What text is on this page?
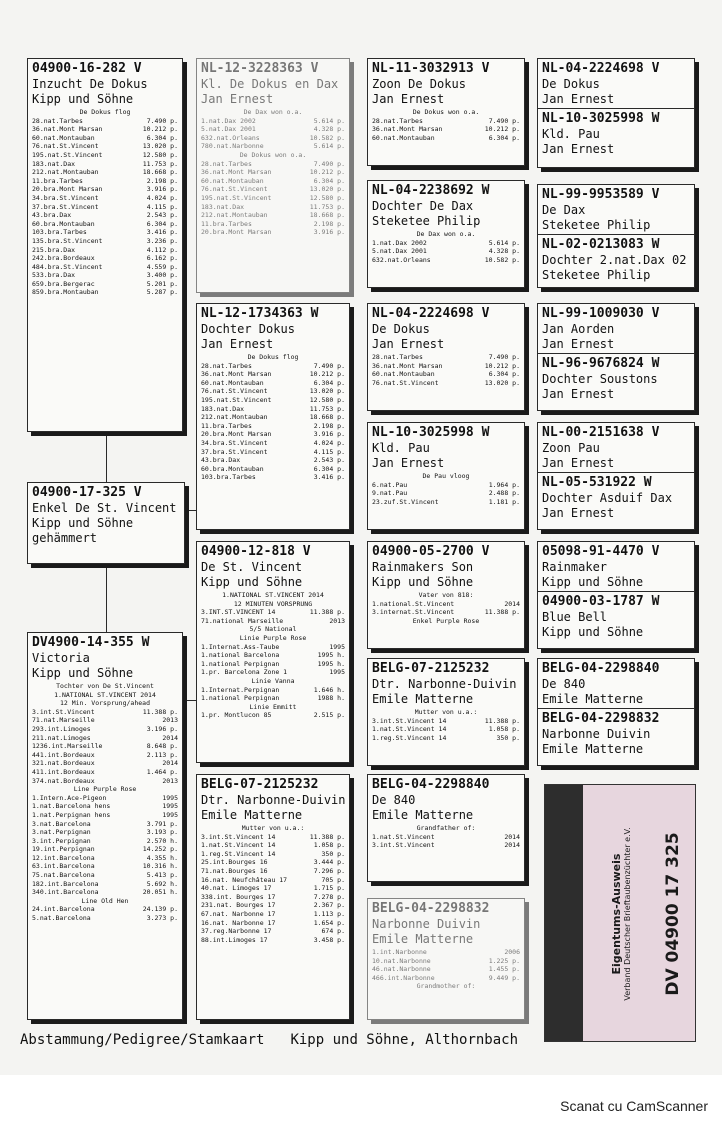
04900-16-282 V
Inzucht De Dokus
Kipp und Söhne
De Dokus flog
28.nat.Tarbes	7.490 p.
36.nat.Mont Marsan	10.212 p.
60.nat.Montauban	6.304 p.
76.nat.St.Vincent	13.020 p.
195.nat.St.Vincent	12.580 p.
183.nat.Dax	11.753 p.
212.nat.Montauban	18.668 p.
11.bra.Tarbes	2.198 p.
20.bra.Mont Marsan	3.916 p.
34.bra.St.Vincent	4.024 p.
37.bra.St.Vincent	4.115 p.
43.bra.Dax	2.543 p.
60.bra.Montauban	6.304 p.
103.bra.Tarbes	3.416 p.
135.bra.St.Vincent	3.236 p.
215.bra.Dax	4.112 p.
242.bra.Bordeaux	6.162 p.
484.bra.St.Vincent	4.559 p.
533.bra.Dax	3.400 p.
659.bra.Bergerac	5.201 p.
859.bra.Montauban	5.287 p.
NL-12-3228363 V
Kl. De Dokus en Dax
Jan Ernest
De Dax won o.a.
1.nat.Dax 2002	5.614 p.
5.nat.Dax 2001	4.328 p.
632.nat.Orleans	10.582 p.
780.nat.Narbonne	5.614 p.
De Dokus won o.a.
28.nat.Tarbes	7.490 p.
36.nat.Mont Marsan	10.212 p.
60.nat.Montauban	6.304 p.
76.nat.St.Vincent	13.020 p.
195.nat.St.Vincent	12.580 p.
183.nat.Dax	11.753 p.
212.nat.Montauban	18.668 p.
11.bra.Tarbes	2.198 p.
20.bra.Mont Marsan	3.916 p.
NL-11-3032913 V
Zoon De Dokus
Jan Ernest
De Dokus won o.a.
28.nat.Tarbes	7.490 p.
36.nat.Mont Marsan	10.212 p.
60.nat.Montauban	6.304 p.
NL-04-2224698 V
De Dokus
Jan Ernest
NL-10-3025998 W
Kld. Pau
Jan Ernest
NL-04-2238692 W
Dochter De Dax
Steketee Philip
De Dax won o.a.
1.nat.Dax 2002	5.614 p.
5.nat.Dax 2001	4.328 p.
632.nat.Orleans	10.582 p.
NL-99-9953589 V
De Dax
Steketee Philip
NL-02-0213083 W
Dochter 2.nat.Dax 02
Steketee Philip
NL-12-1734363 W
Dochter Dokus
Jan Ernest
De Dokus flog
28.nat.Tarbes	7.490 p.
36.nat.Mont Marsan	10.212 p.
60.nat.Montauban	6.304 p.
76.nat.St.Vincent	13.020 p.
195.nat.St.Vincent	12.580 p.
183.nat.Dax	11.753 p.
212.nat.Montauban	18.668 p.
11.bra.Tarbes	2.198 p.
20.bra.Mont Marsan	3.916 p.
34.bra.St.Vincent	4.024 p.
37.bra.St.Vincent	4.115 p.
43.bra.Dax	2.543 p.
60.bra.Montauban	6.304 p.
103.bra.Tarbes	3.416 p.
NL-04-2224698 V
De Dokus
Jan Ernest
28.nat.Tarbes	7.490 p.
36.nat.Mont Marsan	10.212 p.
60.nat.Montauban	6.304 p.
76.nat.St.Vincent	13.020 p.
NL-99-1009030 V
Jan Aorden
Jan Ernest
NL-96-9676824 W
Dochter Soustons
Jan Ernest
NL-10-3025998 W
Kld. Pau
Jan Ernest
De Pau vloog
6.nat.Pau	1.964 p.
9.nat.Pau	2.488 p.
23.zuf.St.Vincent	1.181 p.
NL-00-2151638 V
Zoon Pau
Jan Ernest
NL-05-531922 W
Dochter Asduif Dax
Jan Ernest
04900-17-325 V
Enkel De St. Vincent
Kipp und Söhne
gehämmert
04900-12-818 V
De St. Vincent
Kipp und Söhne
1.NATIONAL ST.VINCENT 2014
12 MINUTEN VORSPRUNG
3.INT.ST.VINCENT 14	11.388 p.
71.national Marseille	2013
5/5 National
Linie Purple Rose
1.Internat.Ass-Taube	1995
1.national Barcelona	1995 h.
1.national Perpignan	1995 h.
1.pr. Barcelona Zone 1	1995
Linie Vanna
1.Internat.Perpignan	1.646 h.
1.national Perpignan	1988 h.
Linie Emmitt
1.pr. Montlucon 85	2.515 p.
04900-05-2700 V
Rainmakers Son
Kipp und Söhne
Vater von 818:
1.national.St.Vincent	2014
3.internat.St.Vincent	11.388 p.
Enkel Purple Rose
05098-91-4470 V
Rainmaker
Kipp und Söhne
04900-03-1787 W
Blue Bell
Kipp und Söhne
DV4900-14-355 W
Victoria
Kipp und Söhne
Tochter von De St.Vincent
1.NATIONAL ST.VINCENT 2014
12 Min. Vorsprung/ahead
3.int.St.Vincent	11.388 p.
71.nat.Marseille	2013
293.int.Limoges	3.196 p.
211.nat.Limoges	2014
1236.int.Marseille	8.648 p.
441.int.Bordeaux	2.113 p.
321.nat.Bordeaux	2014
411.int.Bordeaux	1.464 p.
374.nat.Bordeaux	2013
Line Purple Rose
1.Intern.Ace-Pigeon	1995
1.nat.Barcelona hens	1995
1.nat.Perpignan hens	1995
3.nat.Barcelona	3.791 p.
3.nat.Perpignan	3.193 p.
3.int.Perpignan	2.570 h.
19.int.Perpignan	14.252 p.
12.int.Barcelona	4.355 h.
63.int.Barcelona	10.316 h.
75.nat.Barcelona	5.413 p.
182.int.Barcelona	5.692 h.
340.int.Barcelona	20.051 h.
Line Old Hen
24.int.Barcelona	24.139 p.
5.nat.Barcelona	3.273 p.
BELG-07-2125232
Dtr. Narbonne-Duivin
Emile Matterne
Mutter von u.a.:
3.int.St.Vincent 14	11.388 p.
1.nat.St.Vincent 14	1.058 p.
1.reg.St.Vincent 14	350 p.
BELG-04-2298840
De 840
Emile Matterne
BELG-04-2298832
Narbonne Duivin
Emile Matterne
BELG-07-2125232
Dtr. Narbonne-Duivin
Emile Matterne
Mutter von u.a.:
3.int.St.Vincent 14	11.388 p.
1.nat.St.Vincent 14	1.058 p.
1.reg.St.Vincent 14	350 p.
25.int.Bourges 16	3.444 p.
71.nat.Bourges 16	7.296 p.
16.nat. Neufchâteau 17	705 p.
40.nat. Limoges 17	1.715 p.
338.int. Bourges 17	7.278 p.
231.nat. Bourges 17	2.367 p.
67.nat. Narbonne 17	1.113 p.
16.nat. Narbonne 17	1.654 p.
37.reg.Narbonne 17	674 p.
88.int.Limoges 17	3.458 p.
BELG-04-2298840
De 840
Emile Matterne
Grandfather of:
1.nat.St.Vincent	2014
3.int.St.Vincent	2014
BELG-04-2298832
Narbonne Duivin
Emile Matterne
1.int.Narbonne	2006
10.nat.Narbonne	1.225 p.
46.nat.Narbonne	1.455 p.
466.int.Narbonne	9.449 p.
Grandmother of:
Eigentums-Ausweis Verband Deutscher Brieftaubenzüchter e.V. DV 04900 17 325
Abstammung/Pedigree/Stamkaart Kipp und Söhne, Althornbach
Scanat cu CamScanner
